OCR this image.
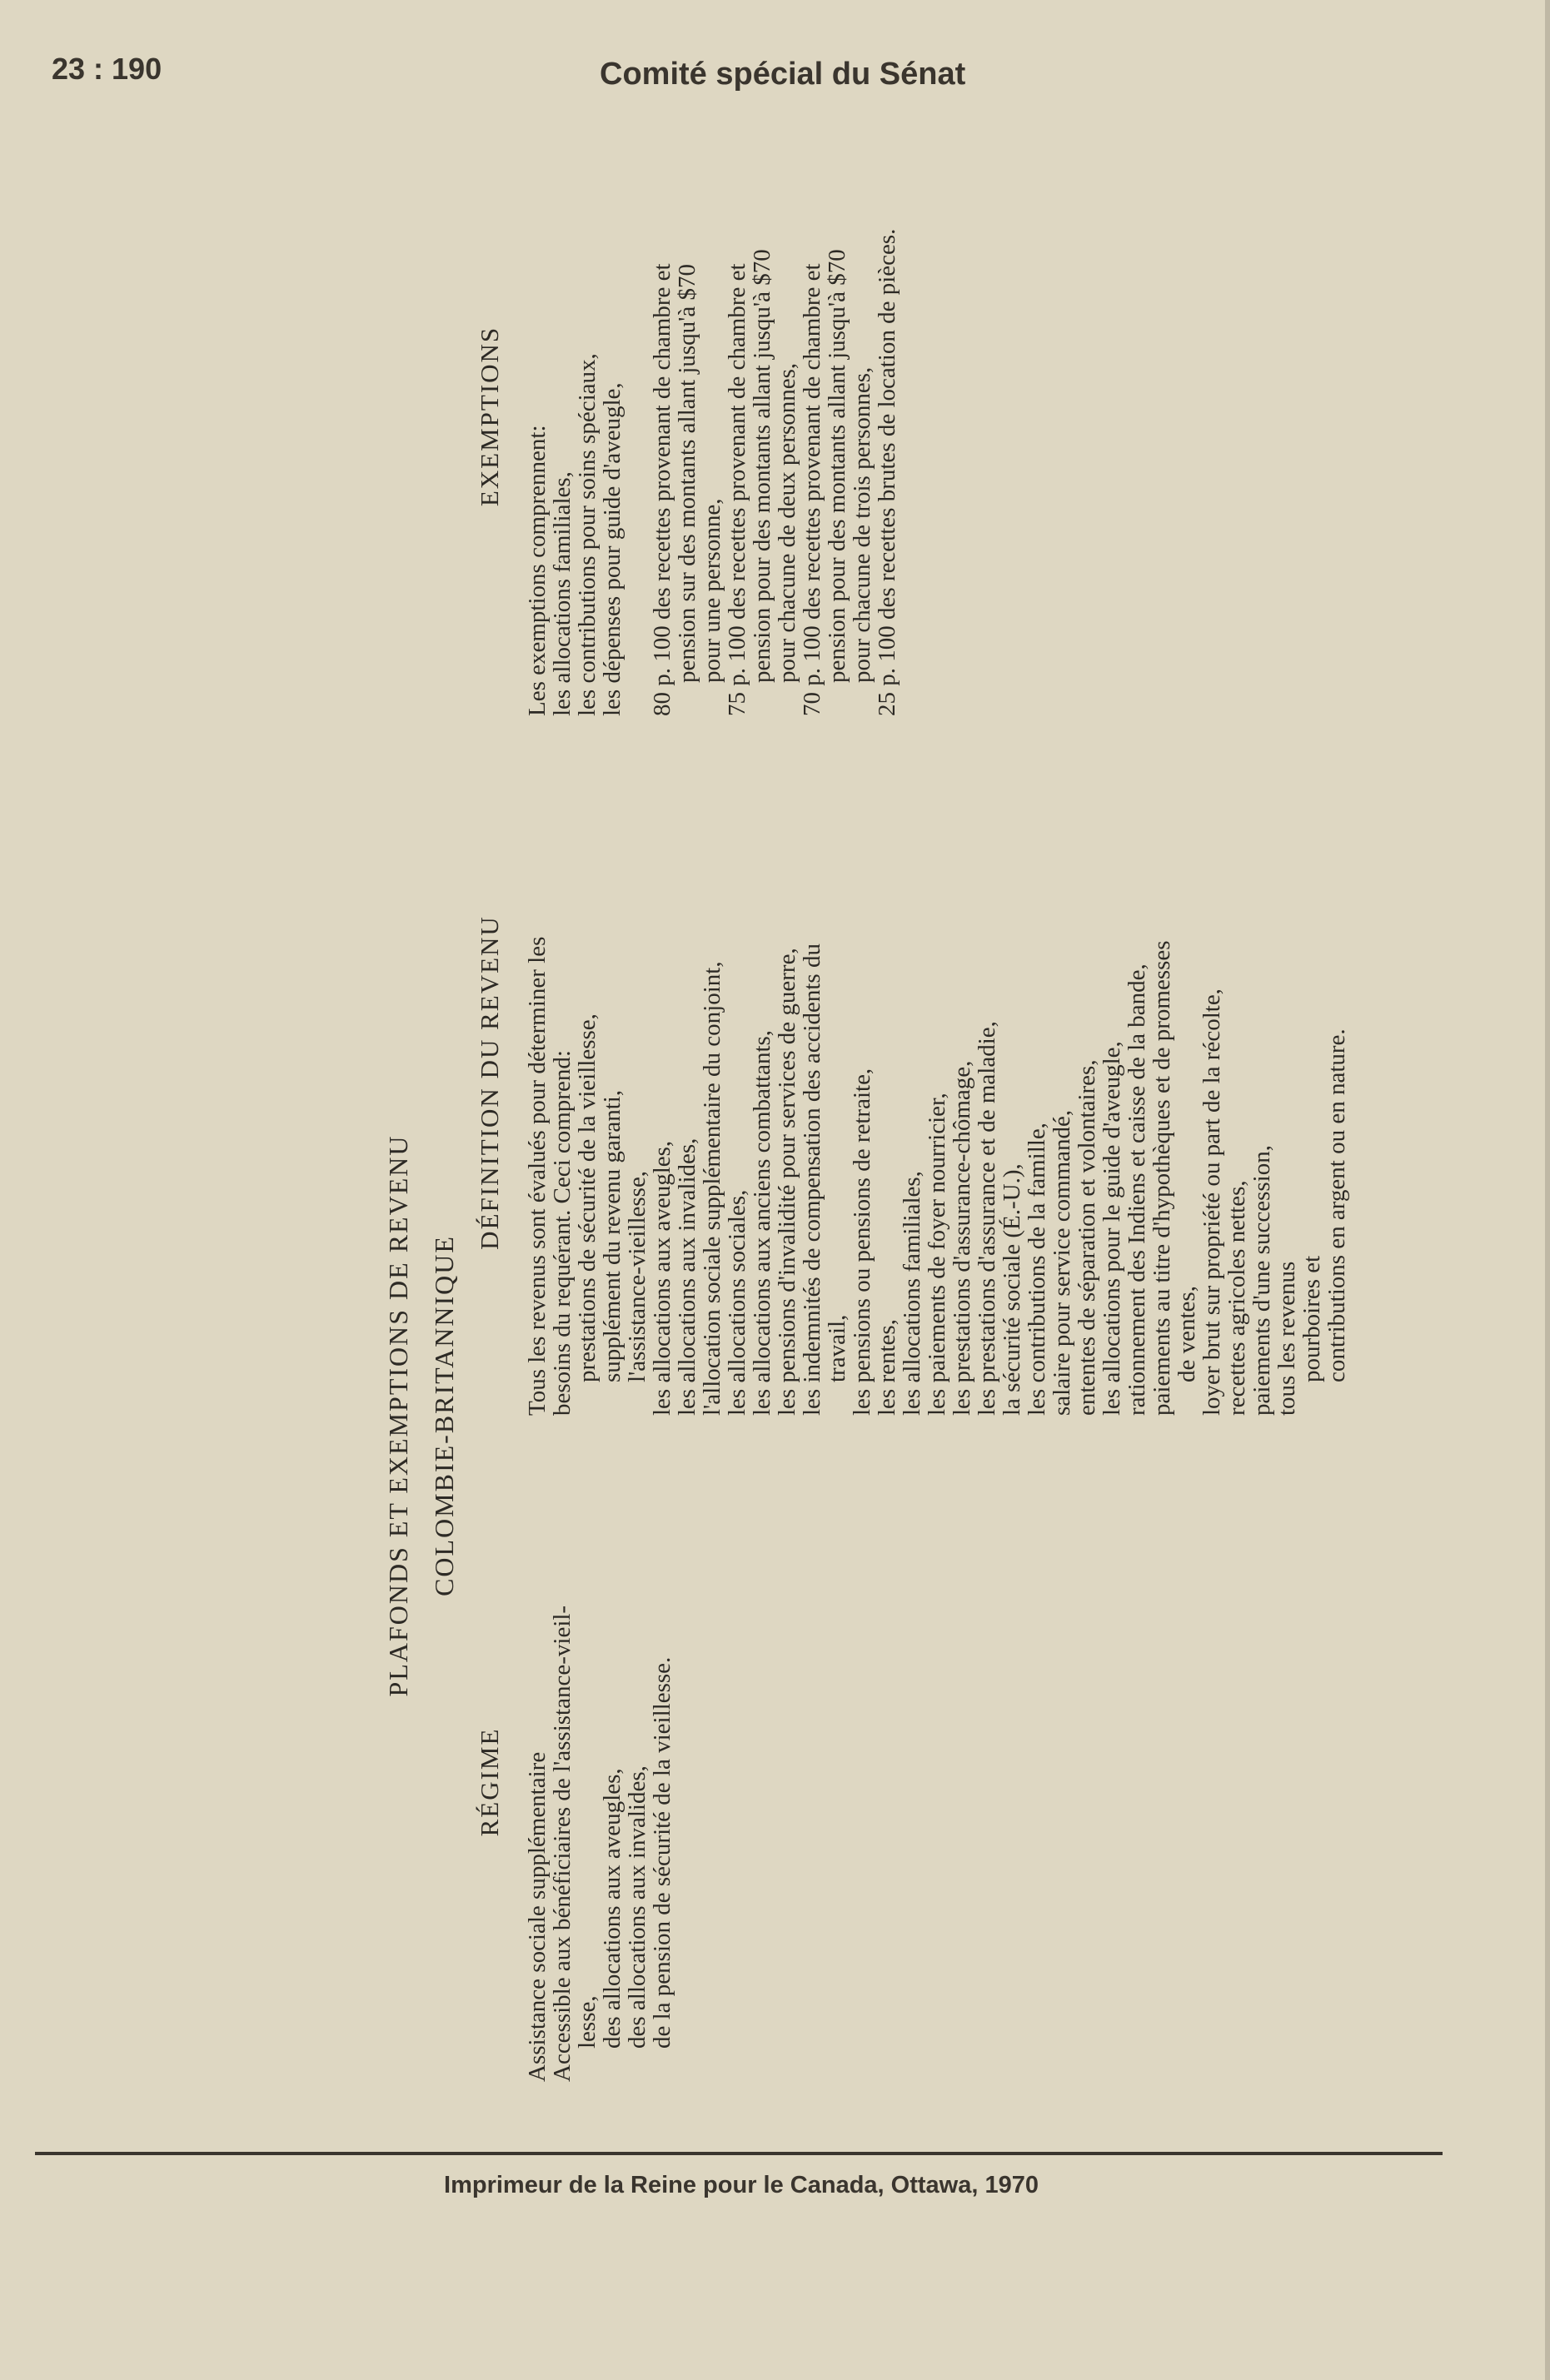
23 : 190	Comité spécial du Sénat
PLAFONDS ET EXEMPTIONS DE REVENU COLOMBIE-BRITANNIQUE
RÉGIME
DÉFINITION DU REVENU
EXEMPTIONS
Assistance sociale supplémentaire
Accessible aux bénéficiaires de l'assistance-vieil-
lesse,
des allocations aux aveugles,
des allocations aux invalides,
de la pension de sécurité de la vieillesse.
Tous les revenus sont évalués pour déterminer les
besoins du requérant. Ceci comprend:
prestations de sécurité de la vieillesse,
supplément du revenu garanti,
l'assistance-vieillesse,
les allocations aux aveugles,
les allocations aux invalides,
l'allocation sociale supplémentaire du conjoint,
les allocations sociales,
les allocations aux anciens combattants,
les pensions d'invalidité pour services de guerre,
les indemnités de compensation des accidents du
travail,
les pensions ou pensions de retraite,
les rentes,
les allocations familiales,
les paiements de foyer nourricier,
les prestations d'assurance-chômage,
les prestations d'assurance et de maladie,
la sécurité sociale (É.-U.),
les contributions de la famille,
salaire pour service commandé,
ententes de séparation et volontaires,
les allocations pour le guide d'aveugle,
rationnement des Indiens et caisse de la bande,
paiements au titre d'hypothèques et de promesses
de ventes,
loyer brut sur propriété ou part de la récolte,
recettes agricoles nettes,
paiements d'une succession,
tous les revenus
pourboires et
contributions en argent ou en nature.
Les exemptions comprennent:
les allocations familiales,
les contributions pour soins spéciaux,
les dépenses pour guide d'aveugle, 80 p. 100 des recettes provenant de chambre et
pension sur des montants allant jusqu'à $70
pour une personne,
75 p. 100 des recettes provenant de chambre et
pension pour des montants allant jusqu'à $70
pour chacune de deux personnes,
70 p. 100 des recettes provenant de chambre et
pension pour des montants allant jusqu'à $70
pour chacune de trois personnes,
25 p. 100 des recettes brutes de location de pièces.
Imprimeur de la Reine pour le Canada, Ottawa, 1970
